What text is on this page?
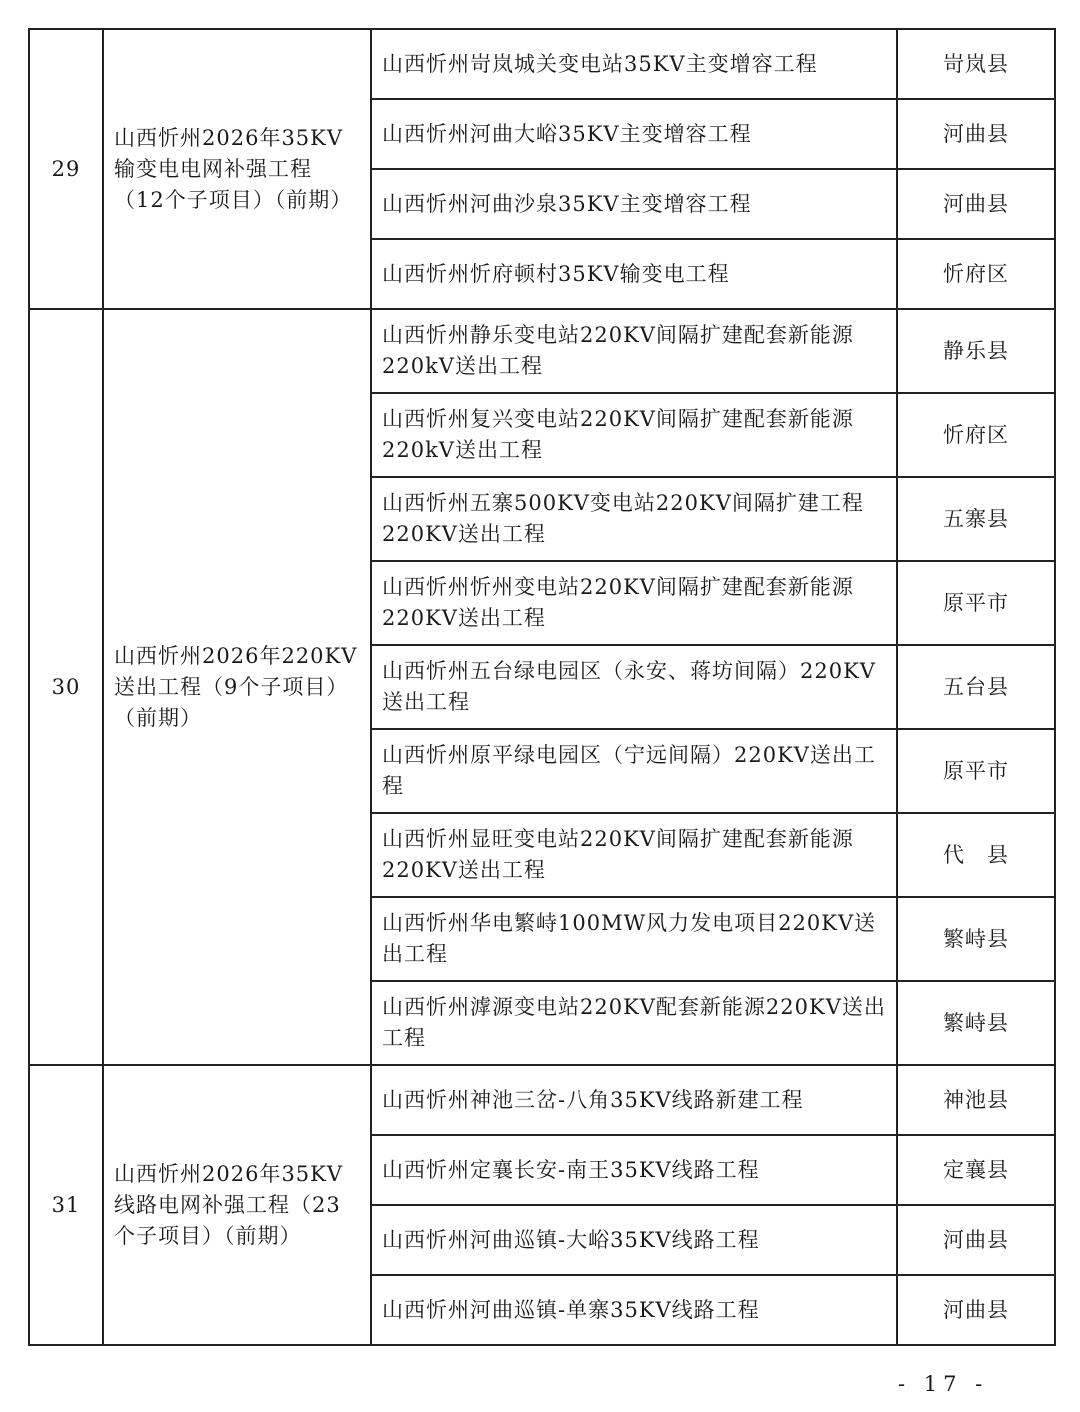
29	山西忻州2026年35KV输变电电网补强工程（12个子项目）（前期）	山西忻州岢岚城关变电站35KV主变增容工程	岢岚县
		山西忻州河曲大峪35KV主变增容工程	河曲县
		山西忻州河曲沙泉35KV主变增容工程	河曲县
		山西忻州忻府顿村35KV输变电工程	忻府区
30	山西忻州2026年220KV送出工程（9个子项目）（前期）	山西忻州静乐变电站220KV间隔扩建配套新能源220kV送出工程	静乐县
		山西忻州复兴变电站220KV间隔扩建配套新能源220kV送出工程	忻府区
		山西忻州五寨500KV变电站220KV间隔扩建工程220KV送出工程	五寨县
		山西忻州忻州变电站220KV间隔扩建配套新能源220KV送出工程	原平市
		山西忻州五台绿电园区（永安、蒋坊间隔）220KV送出工程	五台县
		山西忻州原平绿电园区（宁远间隔）220KV送出工程	原平市
		山西忻州显旺变电站220KV间隔扩建配套新能源220KV送出工程	代　县
		山西忻州华电繁峙100MW风力发电项目220KV送出工程	繁峙县
		山西忻州滹源变电站220KV配套新能源220KV送出工程	繁峙县
31	山西忻州2026年35KV线路电网补强工程（23个子项目）（前期）	山西忻州神池三岔-八角35KV线路新建工程	神池县
		山西忻州定襄长安-南王35KV线路工程	定襄县
		山西忻州河曲巡镇-大峪35KV线路工程	河曲县
		山西忻州河曲巡镇-单寨35KV线路工程	河曲县
- 17 -
